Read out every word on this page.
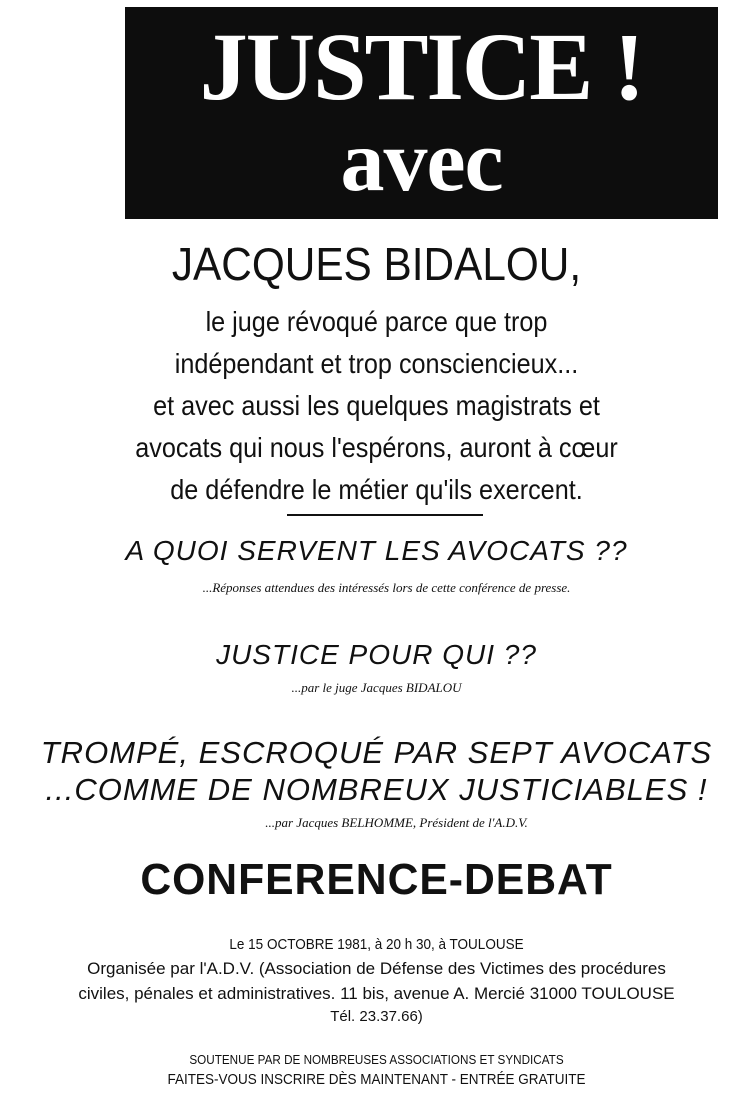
JUSTICE !
avec
JACQUES BIDALOU,
le juge révoqué parce que trop
indépendant et trop consciencieux...
et avec aussi les quelques magistrats et
avocats qui nous l'espérons, auront à cœur
de défendre le métier qu'ils exercent.
A QUOI SERVENT LES AVOCATS ??
...Réponses attendues des intéressés lors de cette conférence de presse.
JUSTICE POUR QUI ??
...par le juge Jacques BIDALOU
TROMPÉ, ESCROQUÉ PAR SEPT AVOCATS
...COMME DE NOMBREUX JUSTICIABLES !
...par Jacques BELHOMME, Président de l'A.D.V.
CONFERENCE-DEBAT
Le 15 OCTOBRE 1981, à 20 h 30, à TOULOUSE
Organisée par l'A.D.V. (Association de Défense des Victimes des procédures
civiles, pénales et administratives. 11 bis, avenue A. Mercié 31000 TOULOUSE
Tél. 23.37.66)
SOUTENUE PAR DE NOMBREUSES ASSOCIATIONS ET SYNDICATS
FAITES-VOUS INSCRIRE DÈS MAINTENANT - ENTRÉE GRATUITE
